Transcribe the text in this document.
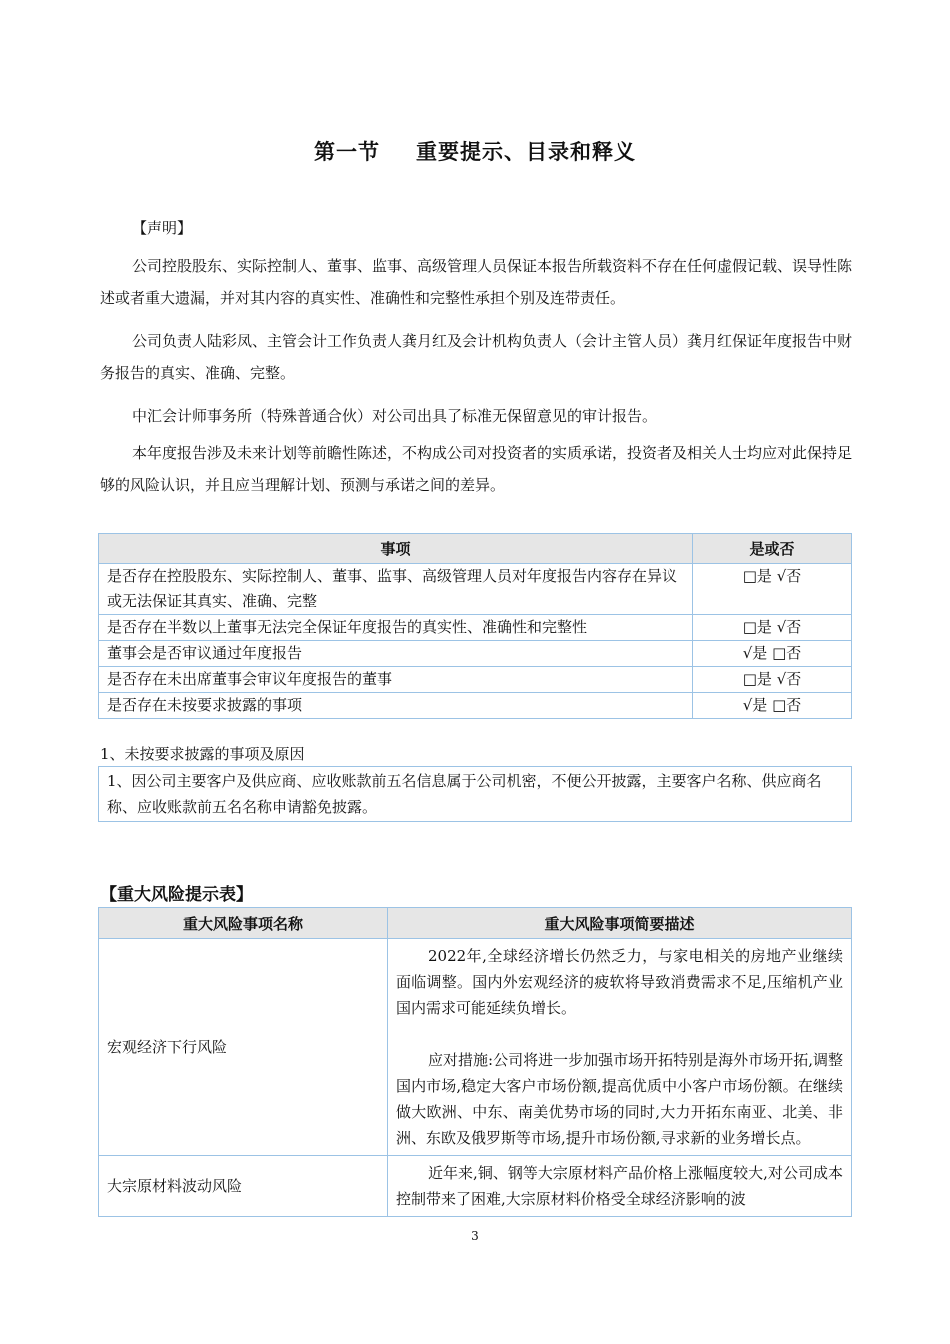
第一节 重要提示、目录和释义

【声明】

公司控股股东、实际控制人、董事、监事、高级管理人员保证本报告所载资料不存在任何虚假记载、误导性陈述或者重大遗漏，并对其内容的真实性、准确性和完整性承担个别及连带责任。

公司负责人陆彩凤、主管会计工作负责人龚月红及会计机构负责人（会计主管人员）龚月红保证年度报告中财务报告的真实、准确、完整。

中汇会计师事务所（特殊普通合伙）对公司出具了标准无保留意见的审计报告。

本年度报告涉及未来计划等前瞻性陈述，不构成公司对投资者的实质承诺，投资者及相关人士均应对此保持足够的风险认识，并且应当理解计划、预测与承诺之间的差异。

事项	是或否
是否存在控股股东、实际控制人、董事、监事、高级管理人员对年度报告内容存在异议或无法保证其真实、准确、完整	□是 √否
是否存在半数以上董事无法完全保证年度报告的真实性、准确性和完整性	□是 √否
董事会是否审议通过年度报告	√是 □否
是否存在未出席董事会审议年度报告的董事	□是 √否
是否存在未按要求披露的事项	√是 □否
1、未按要求披露的事项及原因
1、因公司主要客户及供应商、应收账款前五名信息属于公司机密，不便公开披露，主要客户名称、供应商名称、应收账款前五名名称申请豁免披露。
【重大风险提示表】
重大风险事项名称	重大风险事项简要描述
宏观经济下行风险	2022年,全球经济增长仍然乏力，与家电相关的房地产业继续面临调整。国内外宏观经济的疲软将导致消费需求不足,压缩机产业国内需求可能延续负增长。

应对措施:公司将进一步加强市场开拓特别是海外市场开拓,调整国内市场,稳定大客户市场份额,提高优质中小客户市场份额。在继续做大欧洲、中东、南美优势市场的同时,大力开拓东南亚、北美、非洲、东欧及俄罗斯等市场,提升市场份额,寻求新的业务增长点。

大宗原材料波动风险	近年来,铜、钢等大宗原材料产品价格上涨幅度较大,对公司成本控制带来了困难,大宗原材料价格受全球经济影响的波

3
